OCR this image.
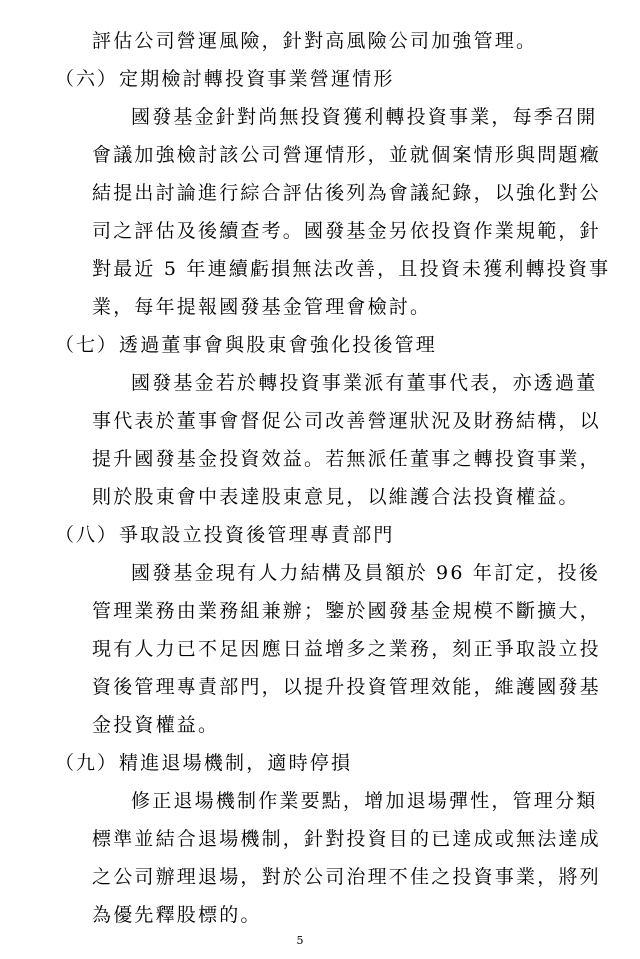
評估公司營運風險，針對高風險公司加強管理。
（六）定期檢討轉投資事業營運情形
國發基金針對尚無投資獲利轉投資事業，每季召開
會議加強檢討該公司營運情形，並就個案情形與問題癥
結提出討論進行綜合評估後列為會議紀錄，以強化對公
司之評估及後續查考。國發基金另依投資作業規範，針
對最近 5 年連續虧損無法改善，且投資未獲利轉投資事
業，每年提報國發基金管理會檢討。
（七）透過董事會與股東會強化投後管理
國發基金若於轉投資事業派有董事代表，亦透過董
事代表於董事會督促公司改善營運狀況及財務結構，以
提升國發基金投資效益。若無派任董事之轉投資事業，
則於股東會中表達股東意見，以維護合法投資權益。
（八）爭取設立投資後管理專責部門
國發基金現有人力結構及員額於 96 年訂定，投後
管理業務由業務組兼辦；鑒於國發基金規模不斷擴大，
現有人力已不足因應日益增多之業務，刻正爭取設立投
資後管理專責部門，以提升投資管理效能，維護國發基
金投資權益。
（九）精進退場機制，適時停損
修正退場機制作業要點，增加退場彈性，管理分類
標準並結合退場機制，針對投資目的已達成或無法達成
之公司辦理退場，對於公司治理不佳之投資事業，將列
為優先釋股標的。
5
